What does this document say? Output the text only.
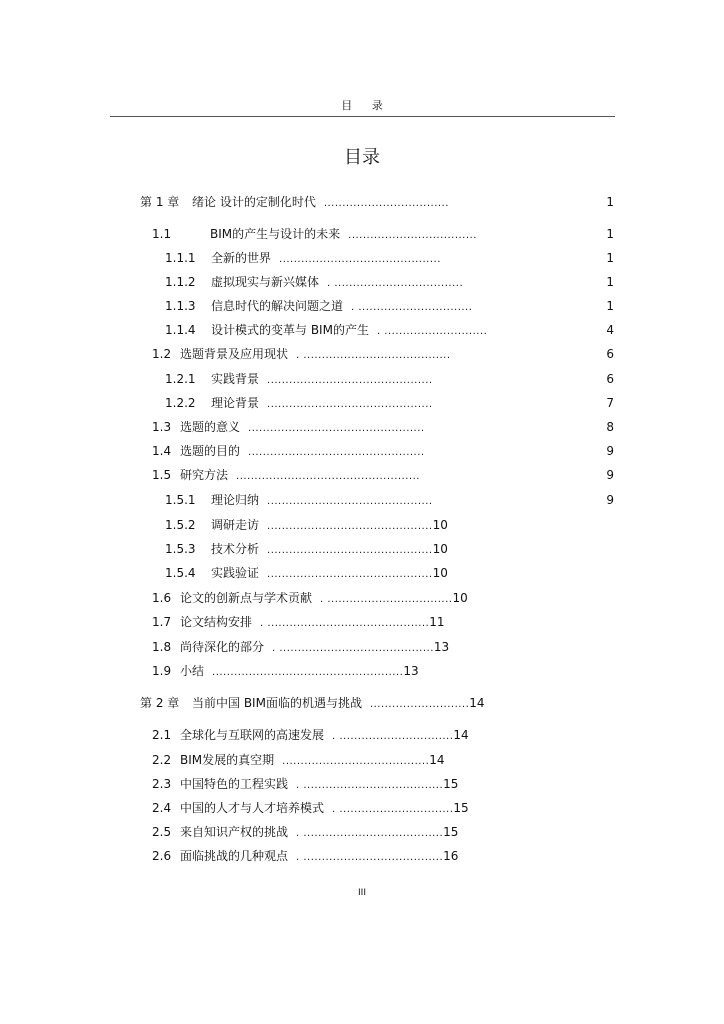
目 录
目录
第 1 章 绪论 设计的定制化时代 ..................................	1
1.1	BIM的产生与设计的未来 ...................................	1
1.1.1 全新的世界 ............................................	1
1.1.2 虚拟现实与新兴媒体 . ...................................	1
1.1.3 信息时代的解决问题之道 . ...............................	1
1.1.4 设计模式的变革与 BIM的产生 . ............................	4
1.2 选题背景及应用现状 . ........................................	6
1.2.1 实践背景 .............................................	6
1.2.2 理论背景 .............................................	7
1.3 选题的意义 ................................................	8
1.4 选题的目的 ................................................	9
1.5 研究方法 ..................................................	9
1.5.1 理论归纳 .............................................	9
1.5.2 调研走访 .............................................10
1.5.3 技术分析 .............................................10
1.5.4 实践验证 .............................................10
1.6 论文的创新点与学术贡献 . ..................................10
1.7 论文结构安排 . ............................................11
1.8 尚待深化的部分 . ..........................................13
1.9 小结 ....................................................13
第 2 章 当前中国 BIM面临的机遇与挑战 ...........................14
2.1 全球化与互联网的高速发展 . ...............................14
2.2 BIM发展的真空期 ........................................14
2.3 中国特色的工程实践 . ......................................15
2.4 中国的人才与人才培养模式 . ...............................15
2.5 来自知识产权的挑战 . ......................................15
2.6 面临挑战的几种观点 . ......................................16
III
